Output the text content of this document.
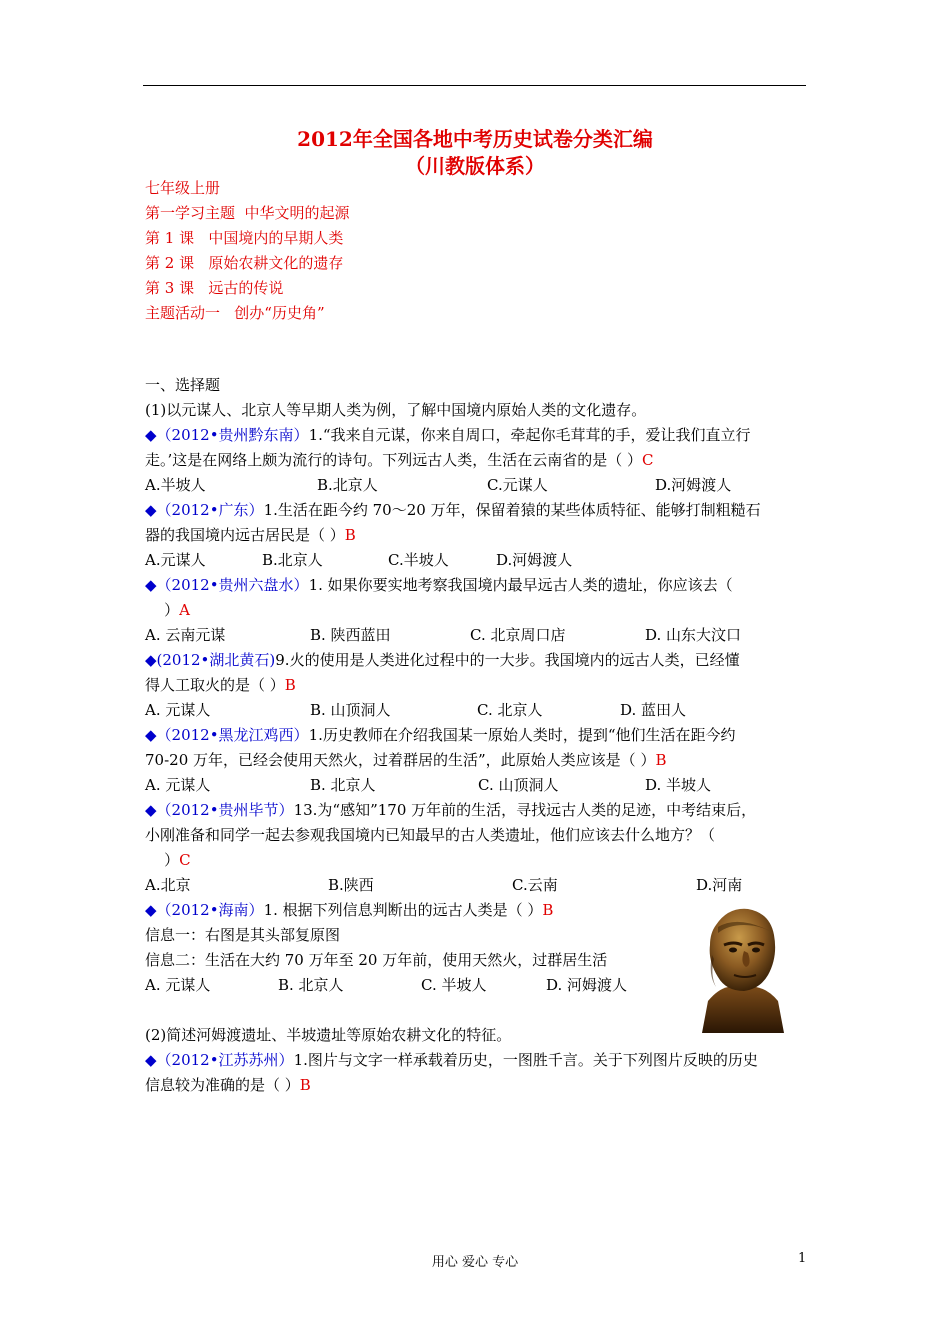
2012年全国各地中考历史试卷分类汇编
（川教版体系）
七年级上册
第一学习主题  中华文明的起源
第 1 课   中国境内的早期人类
第 2 课   原始农耕文化的遗存
第 3 课   远古的传说
主题活动一   创办“历史角”
一、选择题
(1)以元谋人、北京人等早期人类为例，了解中国境内原始人类的文化遗存。
◆（2012•贵州黔东南）1.“我来自元谋，你来自周口，牵起你毛茸茸的手，爱让我们直立行
走。’这是在网络上颇为流行的诗句。下列远古人类，生活在云南省的是（ ）C
A.半坡人	B.北京人	C.元谋人	D.河姆渡人
◆（2012•广东）1.生活在距今约 70～20 万年，保留着猿的某些体质特征、能够打制粗糙石
器的我国境内远古居民是（ ）B
A.元谋人	B.北京人	C.半坡人	D.河姆渡人
◆（2012•贵州六盘水）1. 如果你要实地考察我国境内最早远古人类的遗址，你应该去（
）A
A. 云南元谋	B. 陕西蓝田	C. 北京周口店	D. 山东大汶口
◆(2012•湖北黄石)9.火的使用是人类进化过程中的一大步。我国境内的远古人类，已经懂
得人工取火的是（ ）B
A. 元谋人	B. 山顶洞人	C. 北京人	D. 蓝田人
◆（2012•黑龙江鸡西）1.历史教师在介绍我国某一原始人类时，提到“他们生活在距今约
70-20 万年，已经会使用天然火，过着群居的生活”，此原始人类应该是（ ）B
A. 元谋人	B. 北京人	C. 山顶洞人	D. 半坡人
◆（2012•贵州毕节）13.为“感知”170 万年前的生活，寻找远古人类的足迹，中考结束后，
小刚准备和同学一起去参观我国境内已知最早的古人类遗址，他们应该去什么地方？（
）C
A.北京	B.陕西	C.云南	D.河南
◆（2012•海南）1. 根据下列信息判断出的远古人类是（ ）B
信息一：右图是其头部复原图
信息二：生活在大约 70 万年至 20 万年前，使用天然火，过群居生活
A. 元谋人	B. 北京人	C. 半坡人	D. 河姆渡人
(2)简述河姆渡遗址、半坡遗址等原始农耕文化的特征。
◆（2012•江苏苏州）1.图片与文字一样承载着历史，一图胜千言。关于下列图片反映的历史
信息较为准确的是（ ）B
用心 爱心 专心	1
